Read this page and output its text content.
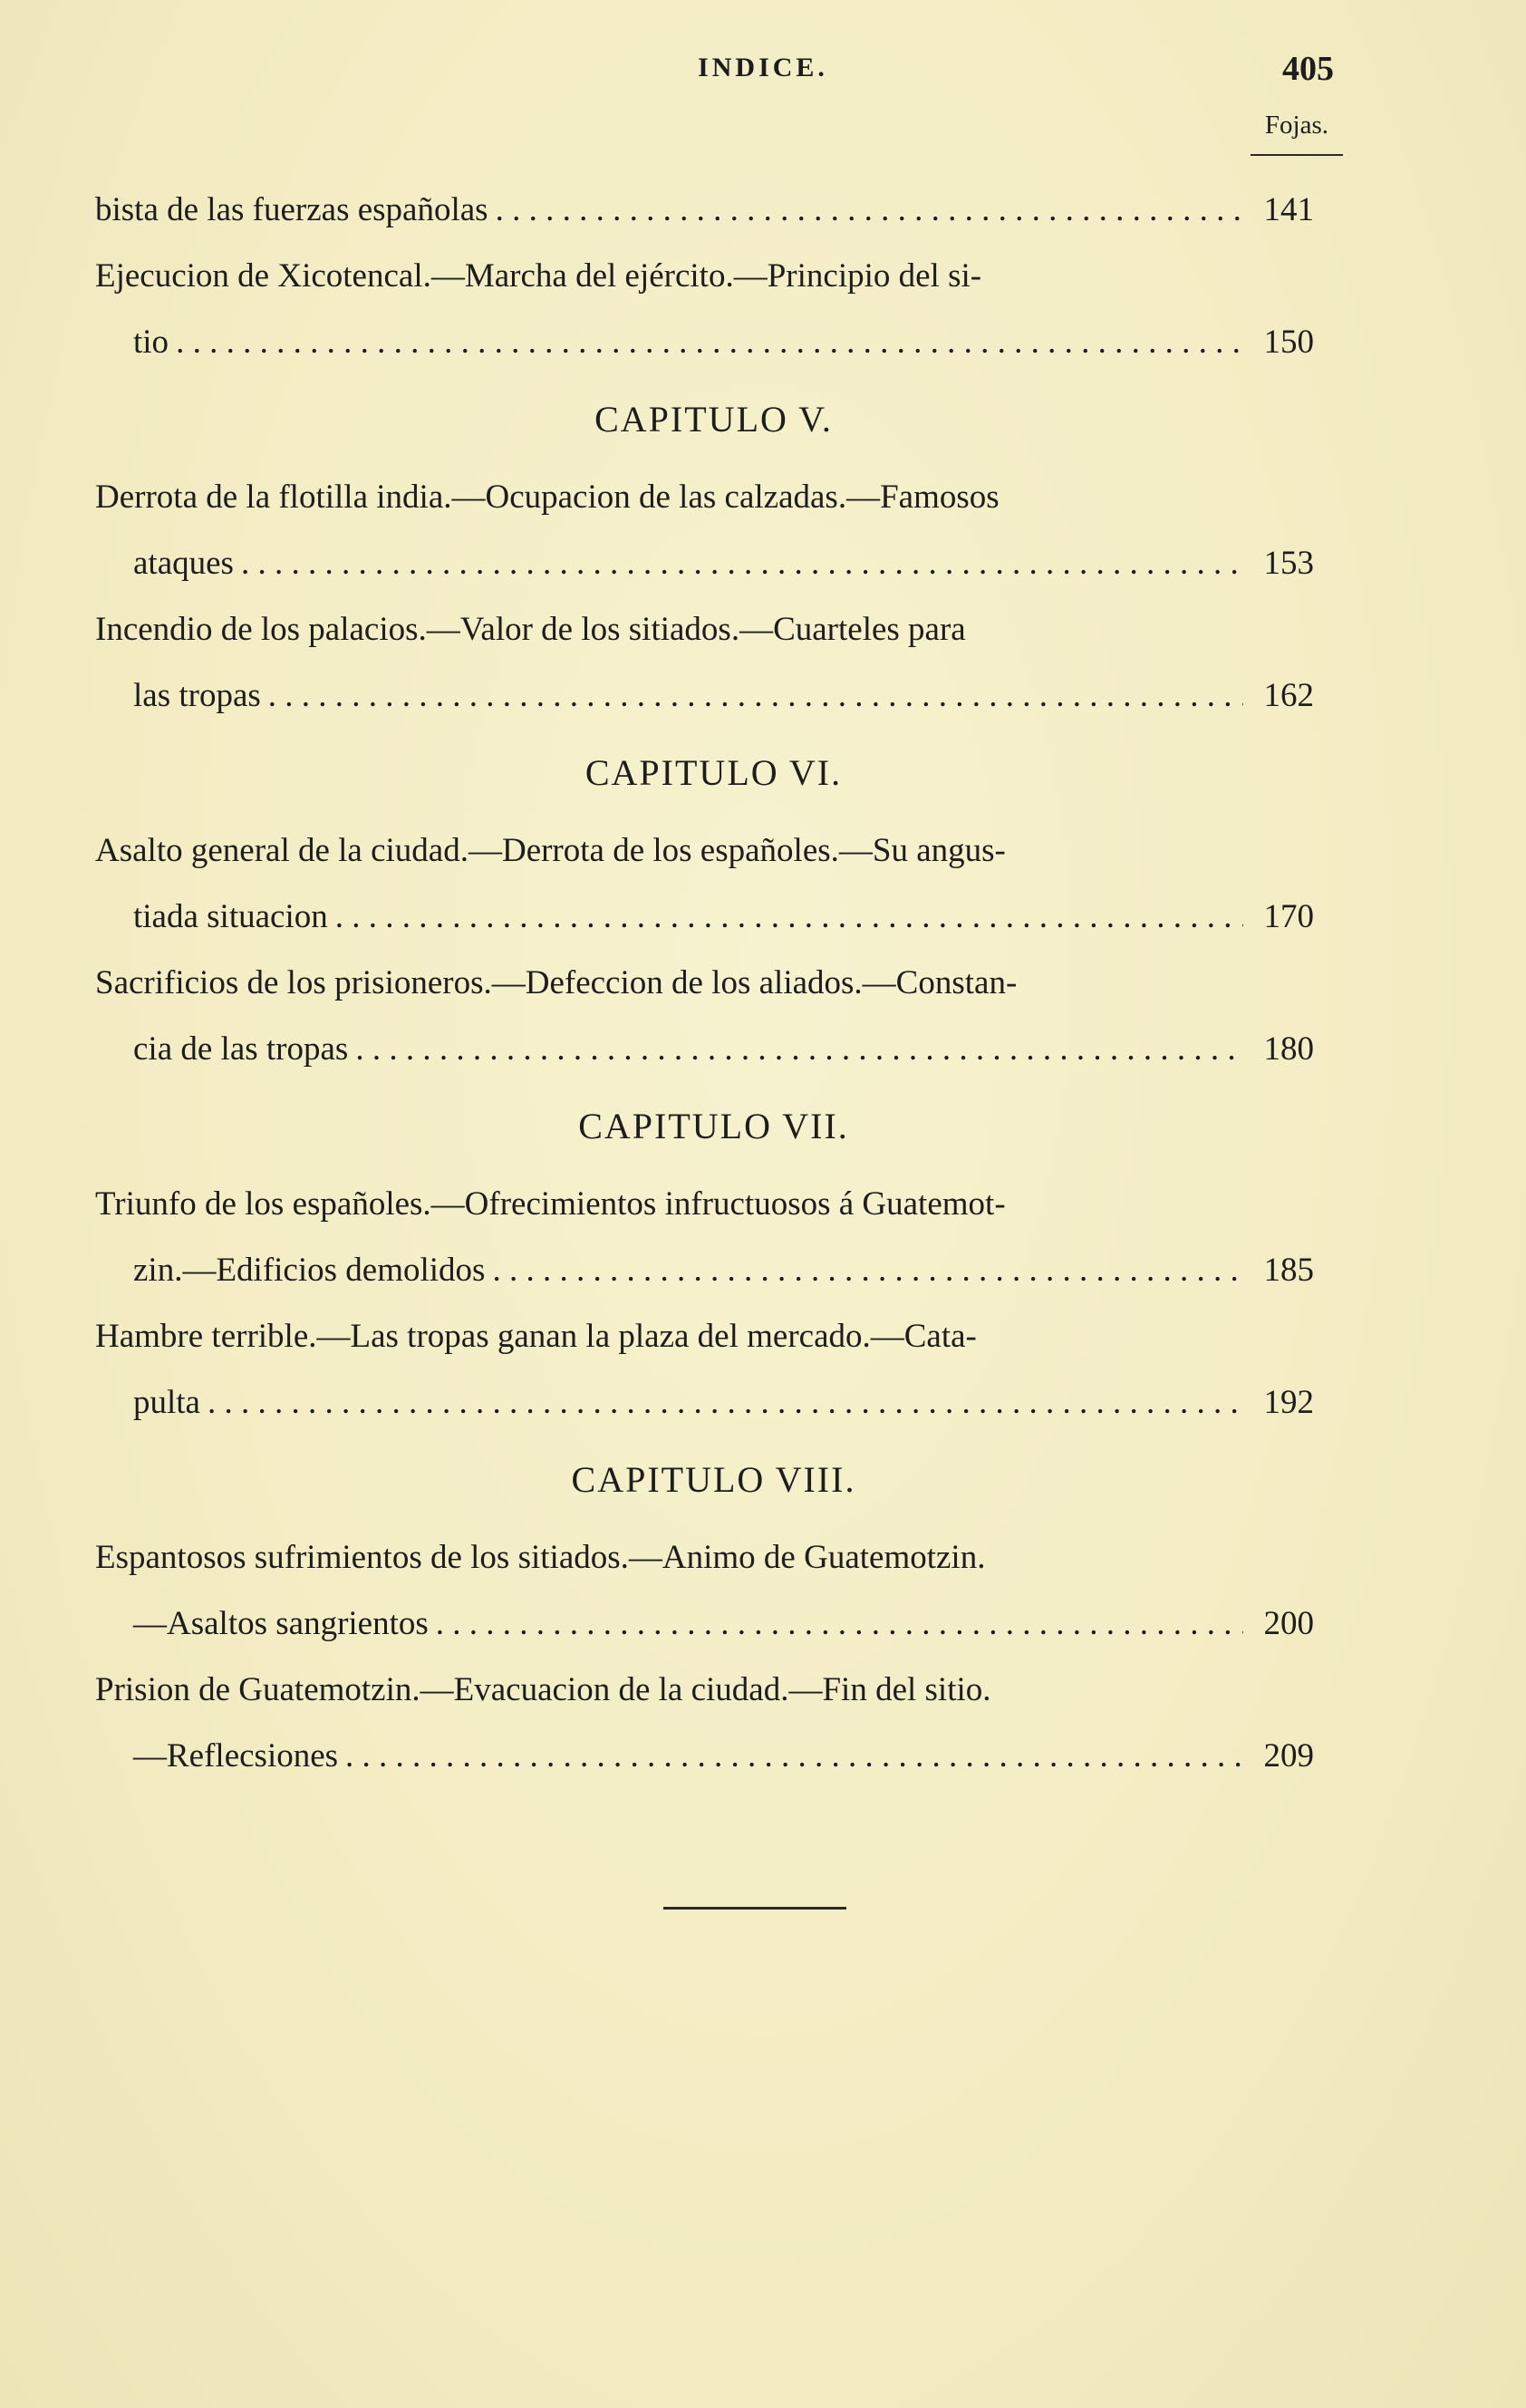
INDICE.	405
Fojas.
bista de las fuerzas españolas . . .	141
Ejecucion de Xicotencal.—Marcha del ejército.—Principio del si-
tio . . .	150
CAPITULO V.
Derrota de la flotilla india.—Ocupacion de las calzadas.—Famosos
ataques . . .	153
Incendio de los palacios.—Valor de los sitiados.—Cuarteles para
las tropas . . .	162
CAPITULO VI.
Asalto general de la ciudad.—Derrota de los españoles.—Su angus-
tiada situacion . . .	170
Sacrificios de los prisioneros.—Defeccion de los aliados.—Constan-
cia de las tropas . . .	180
CAPITULO VII.
Triunfo de los españoles.—Ofrecimientos infructuosos á Guatemot-
zin.—Edificios demolidos . . .	185
Hambre terrible.—Las tropas ganan la plaza del mercado.—Cata-
pulta . . .	192
CAPITULO VIII.
Espantosos sufrimientos de los sitiados.—Animo de Guatemotzin.
—Asaltos sangrientos . . .	200
Prision de Guatemotzin.—Evacuacion de la ciudad.—Fin del sitio.
—Reflecsiones . . .	209
